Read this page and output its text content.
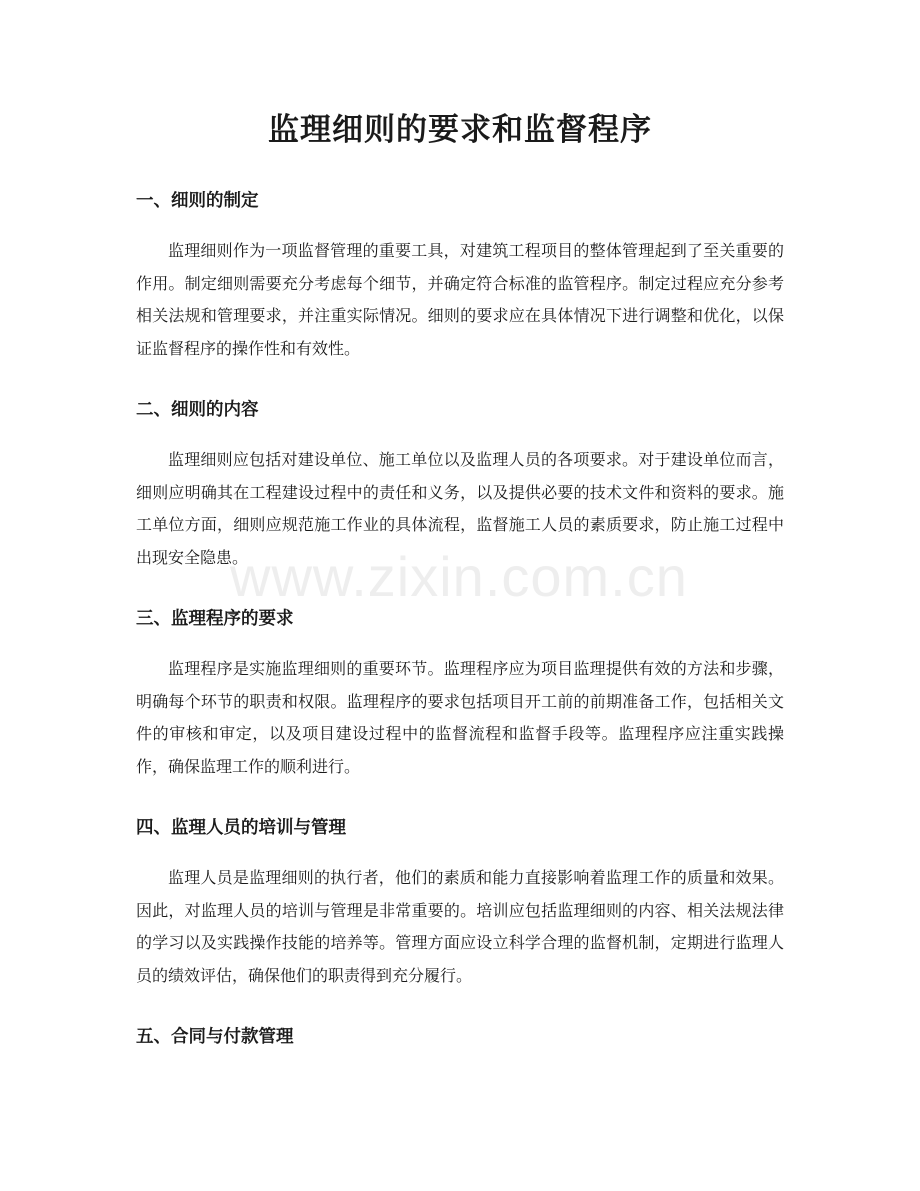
监理细则的要求和监督程序
一、细则的制定

监理细则作为一项监督管理的重要工具，对建筑工程项目的整体管理起到了至关重要的作用。制定细则需要充分考虑每个细节，并确定符合标准的监管程序。制定过程应充分参考相关法规和管理要求，并注重实际情况。细则的要求应在具体情况下进行调整和优化，以保证监督程序的操作性和有效性。

二、细则的内容

监理细则应包括对建设单位、施工单位以及监理人员的各项要求。对于建设单位而言，细则应明确其在工程建设过程中的责任和义务，以及提供必要的技术文件和资料的要求。施工单位方面，细则应规范施工作业的具体流程，监督施工人员的素质要求，防止施工过程中出现安全隐患。

三、监理程序的要求

监理程序是实施监理细则的重要环节。监理程序应为项目监理提供有效的方法和步骤，明确每个环节的职责和权限。监理程序的要求包括项目开工前的前期准备工作，包括相关文件的审核和审定，以及项目建设过程中的监督流程和监督手段等。监理程序应注重实践操作，确保监理工作的顺利进行。

四、监理人员的培训与管理

监理人员是监理细则的执行者，他们的素质和能力直接影响着监理工作的质量和效果。因此，对监理人员的培训与管理是非常重要的。培训应包括监理细则的内容、相关法规法律的学习以及实践操作技能的培养等。管理方面应设立科学合理的监督机制，定期进行监理人员的绩效评估，确保他们的职责得到充分履行。

五、合同与付款管理
www.zixin.com.cn
